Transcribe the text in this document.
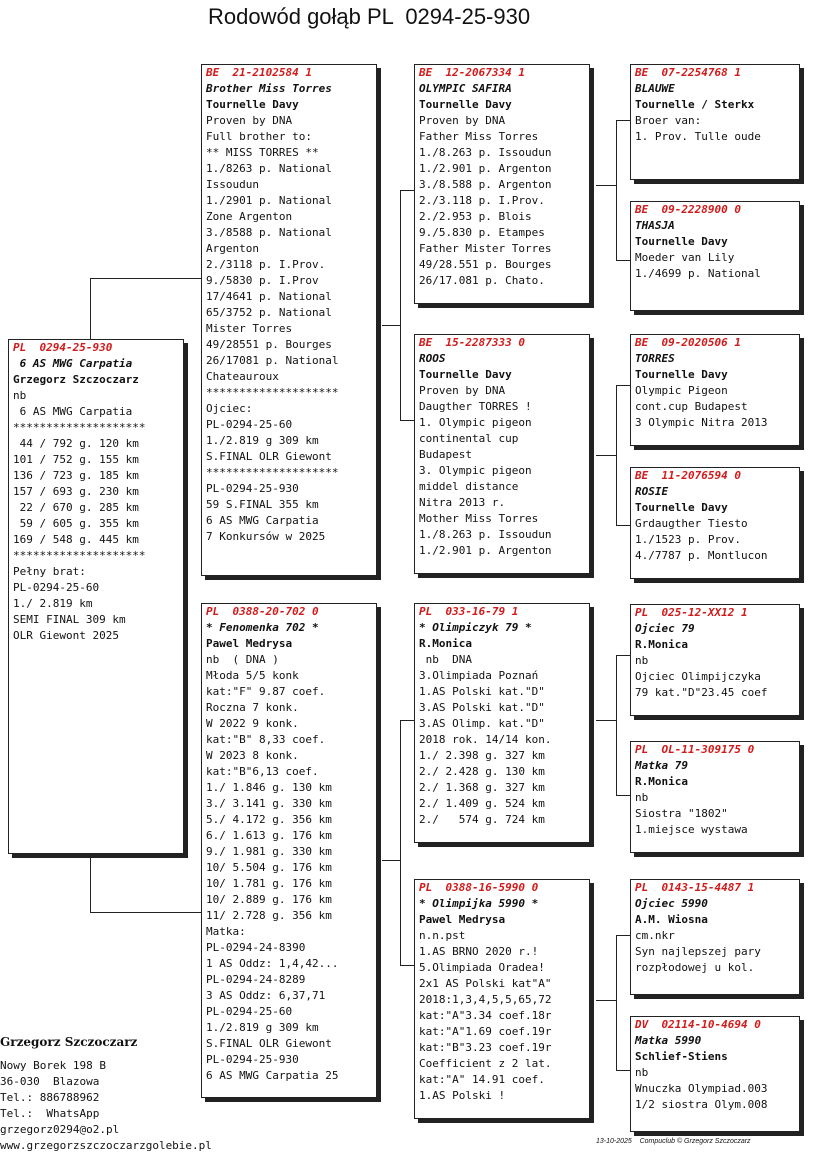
Rodowód gołąb PL  0294-25-930
PL  0294-25-930
6 AS MWG Carpatia
Grzegorz Szczoczarz
nb
6 AS MWG Carpatia
********************
44 / 792 g. 120 km
101 / 752 g. 155 km
136 / 723 g. 185 km
157 / 693 g. 230 km
22 / 670 g. 285 km
59 / 605 g. 355 km
169 / 548 g. 445 km
********************
Pełny brat:
PL-0294-25-60
1./ 2.819 km
SEMI FINAL 309 km
OLR Giewont 2025
BE  21-2102584 1
Brother Miss Torres
Tournelle Davy
Proven by DNA
Full brother to:
** MISS TORRES **
1./8263 p. National
Issoudun
1./2901 p. National
Zone Argenton
3./8588 p. National
Argenton
2./3118 p. I.Prov.
9./5830 p. I.Prov
17/4641 p. National
65/3752 p. National
Mister Torres
49/28551 p. Bourges
26/17081 p. National
Chateauroux
********************
Ojciec:
PL-0294-25-60
1./2.819 g 309 km
S.FINAL OLR Giewont
********************
PL-0294-25-930
59 S.FINAL 355 km
6 AS MWG Carpatia
7 Konkursów w 2025
PL  0388-20-702 0
* Fenomenka 702 *
Pawel Medrysa
nb  ( DNA )
Młoda 5/5 konk
kat:"F" 9.87 coef.
Roczna 7 konk.
W 2022 9 konk.
kat:"B" 8,33 coef.
W 2023 8 konk.
kat:"B"6,13 coef.
1./ 1.846 g. 130 km
3./ 3.141 g. 330 km
5./ 4.172 g. 356 km
6./ 1.613 g. 176 km
9./ 1.981 g. 330 km
10/ 5.504 g. 176 km
10/ 1.781 g. 176 km
10/ 2.889 g. 176 km
11/ 2.728 g. 356 km
Matka:
PL-0294-24-8390
1 AS Oddz: 1,4,42...
PL-0294-24-8289
3 AS Oddz: 6,37,71
PL-0294-25-60
1./2.819 g 309 km
S.FINAL OLR Giewont
PL-0294-25-930
6 AS MWG Carpatia 25
BE  12-2067334 1
OLYMPIC SAFIRA
Tournelle Davy
Proven by DNA
Father Miss Torres
1./8.263 p. Issoudun
1./2.901 p. Argenton
3./8.588 p. Argenton
2./3.118 p. I.Prov.
2./2.953 p. Blois
9./5.830 p. Etampes
Father Mister Torres
49/28.551 p. Bourges
26/17.081 p. Chato.
BE  15-2287333 0
ROOS
Tournelle Davy
Proven by DNA
Daugther TORRES !
1. Olympic pigeon
continental cup
Budapest
3. Olympic pigeon
middel distance
Nitra 2013 r.
Mother Miss Torres
1./8.263 p. Issoudun
1./2.901 p. Argenton
PL  033-16-79 1
* Olimpiczyk 79 *
R.Monica
nb  DNA
3.Olimpiada Poznań
1.AS Polski kat."D"
3.AS Polski kat."D"
3.AS Olimp. kat."D"
2018 rok. 14/14 kon.
1./ 2.398 g. 327 km
2./ 2.428 g. 130 km
2./ 1.368 g. 327 km
2./ 1.409 g. 524 km
2./   574 g. 724 km
PL  0388-16-5990 0
* Olimpijka 5990 *
Pawel Medrysa
n.n.pst
1.AS BRNO 2020 r.!
5.Olimpiada Oradea!
2x1 AS Polski kat"A"
2018:1,3,4,5,5,65,72
kat:"A"3.34 coef.18r
kat:"A"1.69 coef.19r
kat:"B"3.23 coef.19r
Coefficient z 2 lat.
kat:"A" 14.91 coef.
1.AS Polski !
BE  07-2254768 1
BLAUWE
Tournelle / Sterkx
Broer van:
1. Prov. Tulle oude
BE  09-2228900 0
THASJA
Tournelle Davy
Moeder van Lily
1./4699 p. National
BE  09-2020506 1
TORRES
Tournelle Davy
Olympic Pigeon
cont.cup Budapest
3 Olympic Nitra 2013
BE  11-2076594 0
ROSIE
Tournelle Davy
Grdaugther Tiesto
1./1523 p. Prov.
4./7787 p. Montlucon
PL  025-12-XX12 1
Ojciec 79
R.Monica
nb
Ojciec Olimpijczyka
79 kat."D"23.45 coef
PL  OL-11-309175 0
Matka 79
R.Monica
nb
Siostra "1802"
1.miejsce wystawa
PL  0143-15-4487 1
Ojciec 5990
A.M. Wiosna
cm.nkr
Syn najlepszej pary
rozpłodowej u kol.
DV  02114-10-4694 0
Matka 5990
Schlief-Stiens
nb
Wnuczka Olympiad.003
1/2 siostra Olym.008
Grzegorz Szczoczarz
Nowy Borek 198 B
36-030  Blazowa
Tel.: 886788962
Tel.:  WhatsApp
grzegorz0294@o2.pl
www.grzegorzszczoczarzgolebie.pl	13-10-2025    Compuclub © Grzegorz Szczoczarz
